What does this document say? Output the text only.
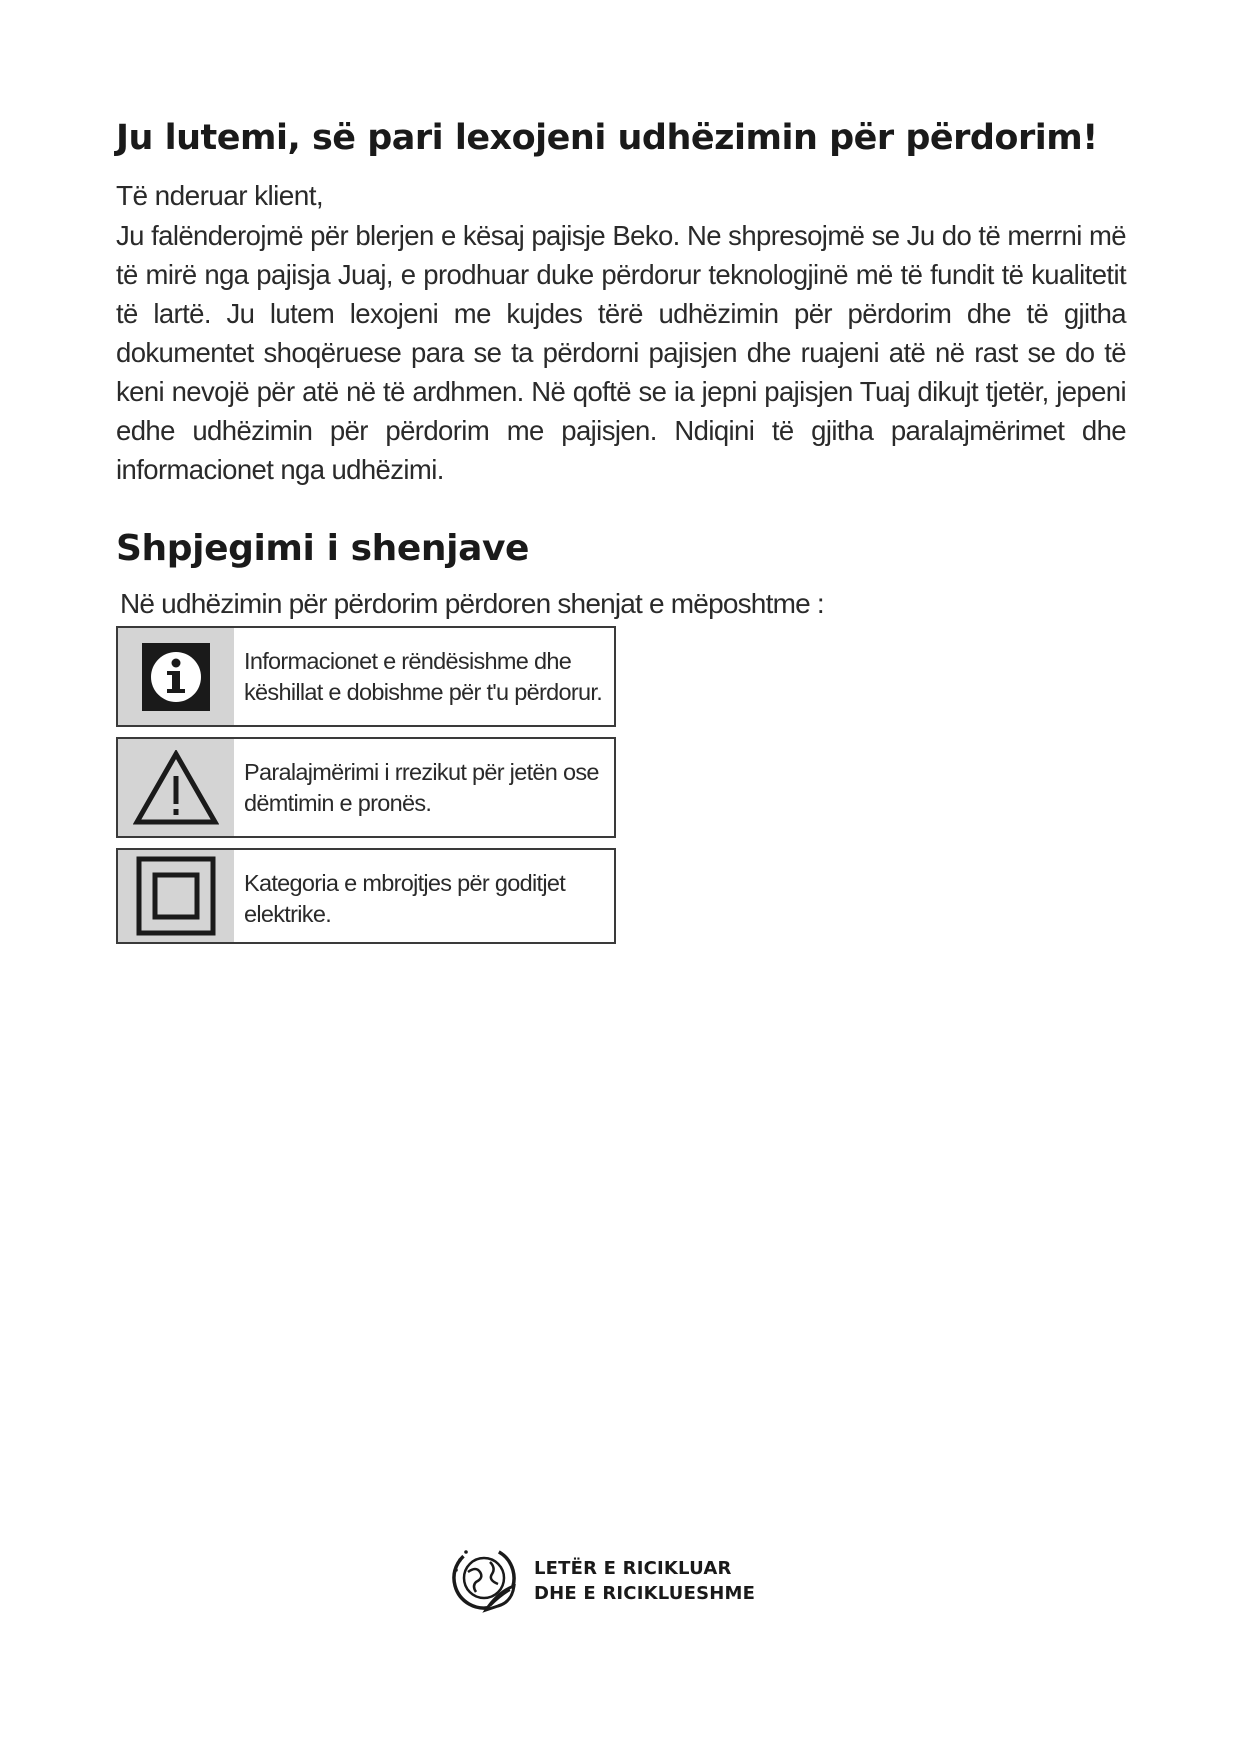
Ju lutemi, së pari lexojeni udhëzimin për përdorim!

Të nderuar klient,

Ju falënderojmë për blerjen e kësaj pajisje Beko. Ne shpresojmë se Ju do të merrni më të mirë nga pajisja Juaj, e prodhuar duke përdorur teknologjinë më të fundit të kualitetit të lartë. Ju lutem lexojeni me kujdes tërë udhëzimin për përdorim dhe të gjitha dokumentet shoqëruese para se ta përdorni pajisjen dhe ruajeni atë në rast se do të keni nevojë për atë në të ardhmen. Në qoftë se ia jepni pajisjen Tuaj dikujt tjetër, jepeni edhe udhëzimin për përdorim me pajisjen. Ndiqini të gjitha paralajmërimet dhe informacionet nga udhëzimi.

Shpjegimi i shenjave

Në udhëzimin për përdorim përdoren shenjat e mëposhtme :

Informacionet e rëndësishme dhe
këshillat e dobishme për t'u përdorur.
Paralajmërimi i rrezikut për jetën ose
dëmtimin e pronës.
Kategoria e mbrojtjes për goditjet
elektrike.
LETËR E RICIKLUAR
DHE E RICIKLUESHME
